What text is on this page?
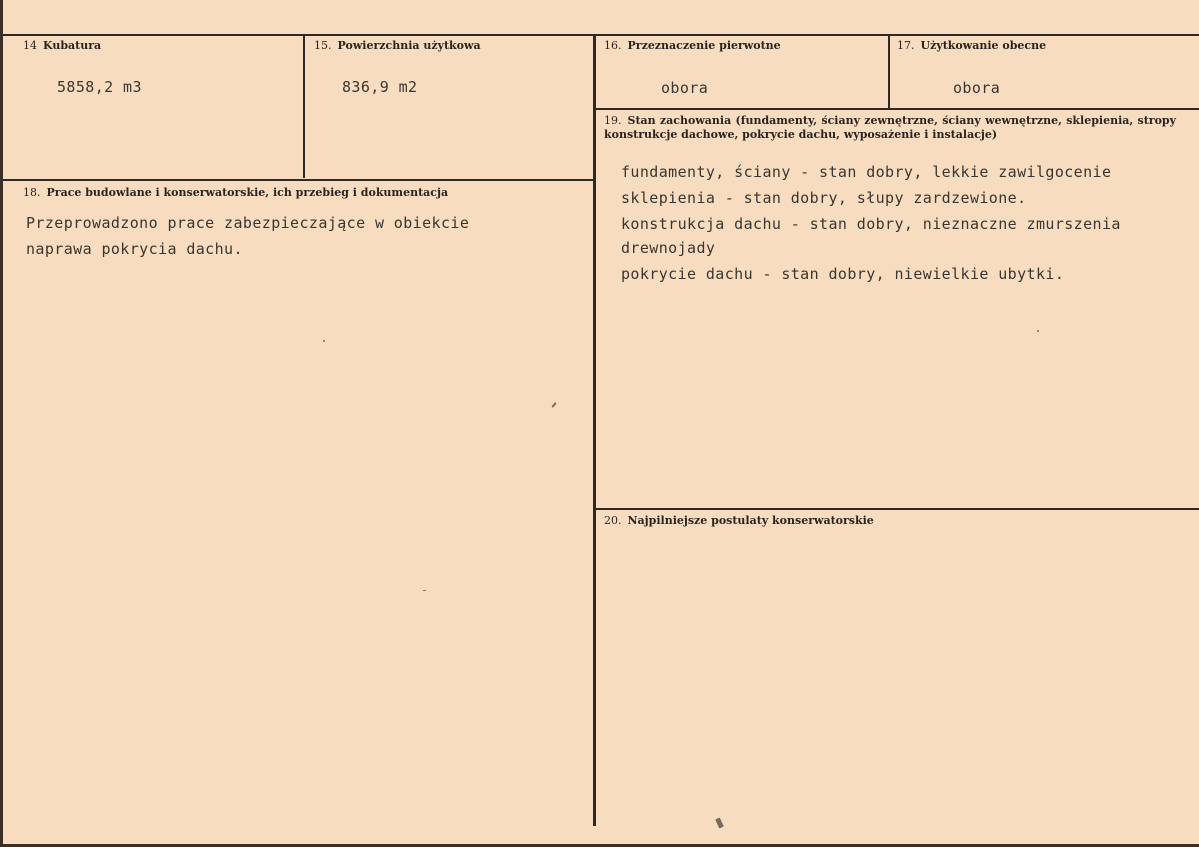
14 Kubatura
5858,2 m3
15. Powierzchnia użytkowa
836,9 m2
16. Przeznaczenie pierwotne
obora
17. Użytkowanie obecne
obora
18. Prace budowlane i konserwatorskie, ich przebieg i dokumentacja
Przeprowadzono prace zabezpieczające w obiekcie
naprawa pokrycia dachu.
19. Stan zachowania (fundamenty, ściany zewnętrzne, ściany wewnętrzne, sklepienia, stropy konstrukcje dachowe, pokrycie dachu, wyposażenie i instalacje)
fundamenty, ściany - stan dobry, lekkie zawilgocenie
sklepienia - stan dobry, słupy zardzewione.
konstrukcja dachu - stan dobry, nieznaczne zmurszenia
drewnojady
pokrycie dachu - stan dobry, niewielkie ubytki.
20. Najpilniejsze postulaty konserwatorskie
